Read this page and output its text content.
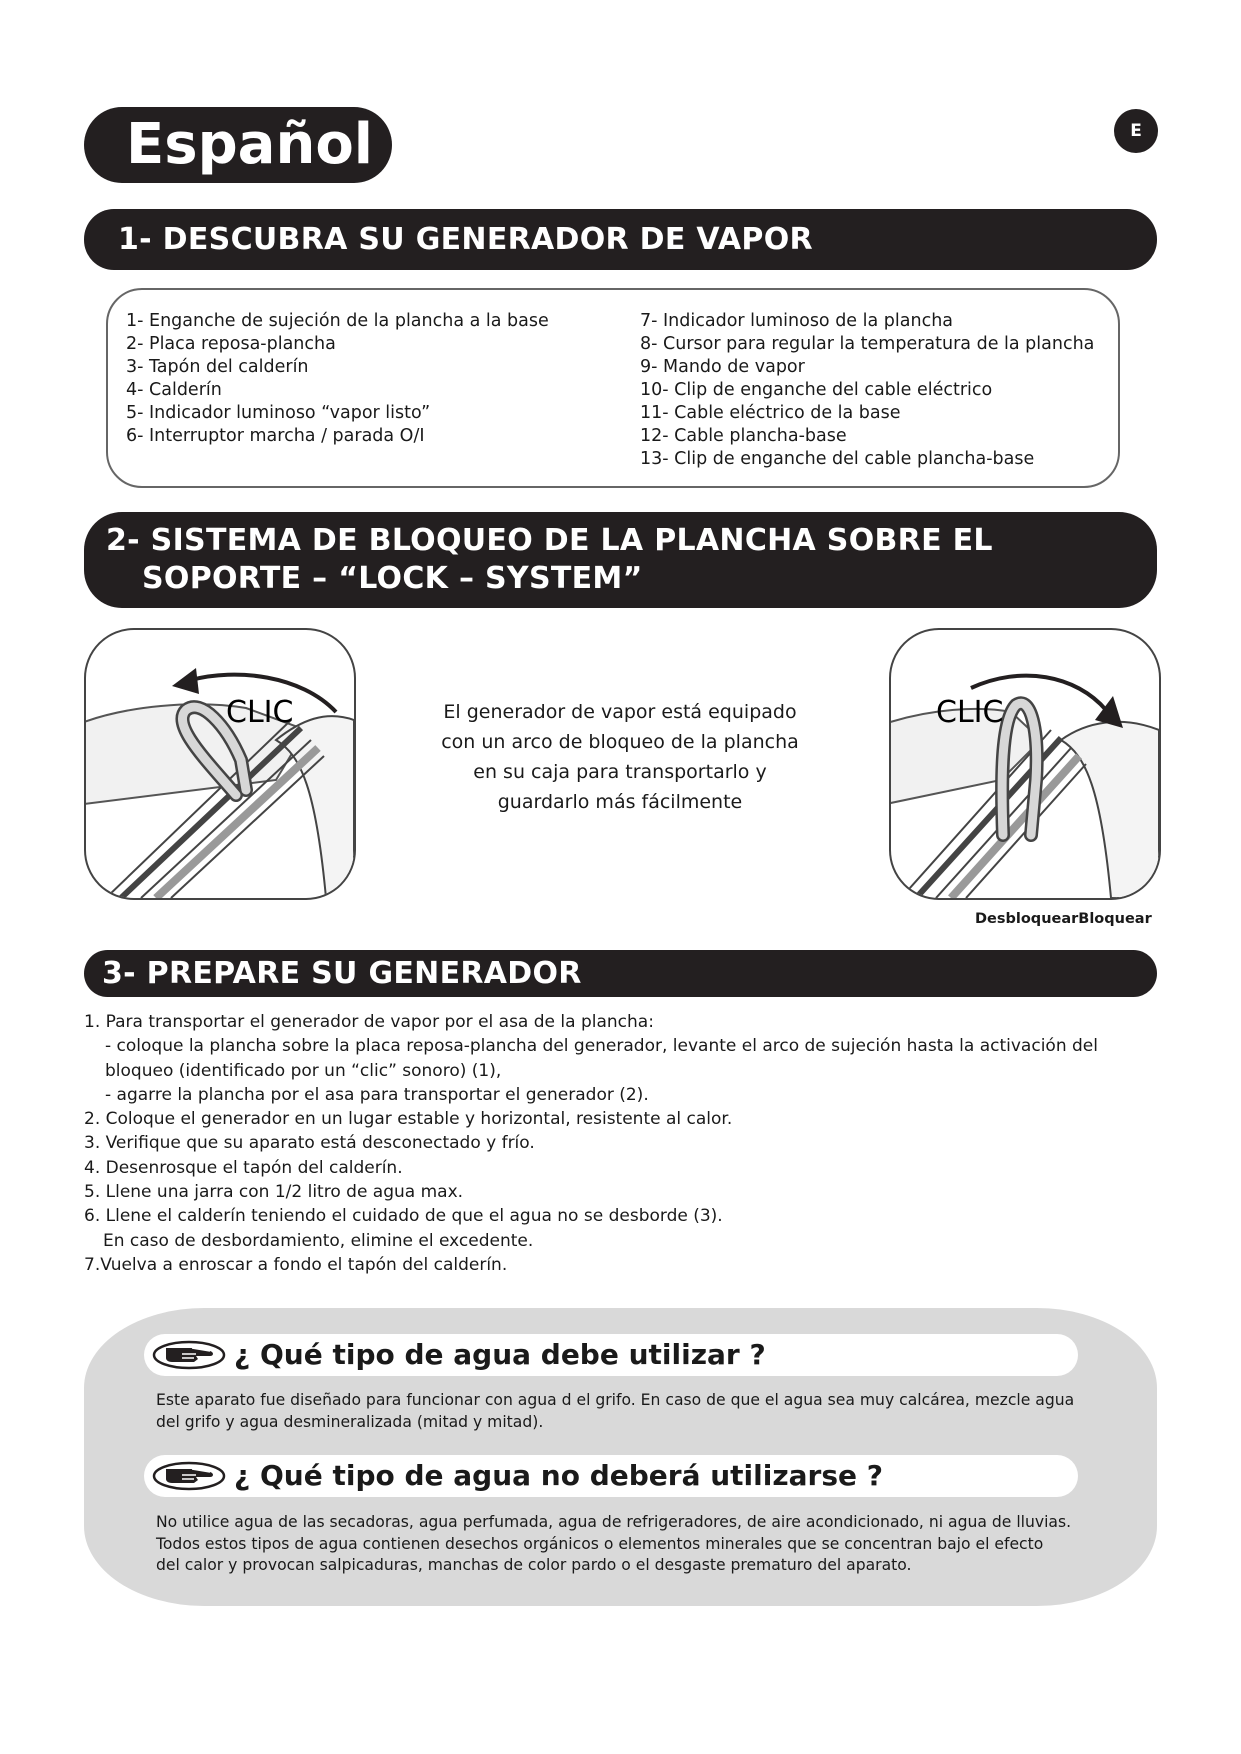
Español	E
1- DESCUBRA SU GENERADOR DE VAPOR
1- Enganche de sujeción de la plancha a la base
2- Placa reposa-plancha
3- Tapón del calderín
4- Calderín
5- Indicador luminoso “vapor listo”
6- Interruptor marcha / parada O/I
7- Indicador luminoso de la plancha
8- Cursor para regular la temperatura de la plancha
9- Mando de vapor
10- Clip de enganche del cable eléctrico
11- Cable eléctrico de la base
12- Cable plancha-base
13- Clip de enganche del cable plancha-base
2- SISTEMA DE BLOQUEO DE LA PLANCHA SOBRE EL
SOPORTE – “LOCK – SYSTEM”
CLIC	El generador de vapor está equipado
con un arco de bloqueo de la plancha
en su caja para transportarlo y
guardarlo más fácilmente
CLIC
DesbloquearBloquear
3- PREPARE SU GENERADOR
1. Para transportar el generador de vapor por el asa de la plancha:
- coloque la plancha sobre la placa reposa-plancha del generador, levante el arco de sujeción hasta la activación del
bloqueo (identificado por un “clic” sonoro) (1),
- agarre la plancha por el asa para transportar el generador (2).
2. Coloque el generador en un lugar estable y horizontal, resistente al calor.
3. Verifique que su aparato está desconectado y frío.
4. Desenrosque el tapón del calderín.
5. Llene una jarra con 1/2 litro de agua max.
6. Llene el calderín teniendo el cuidado de que el agua no se desborde (3).
En caso de desbordamiento, elimine el excedente.
7.Vuelva a enroscar a fondo el tapón del calderín.
¿ Qué tipo de agua debe utilizar ?
Este aparato fue diseñado para funcionar con agua d el grifo. En caso de que el agua sea muy calcárea, mezcle agua
del grifo y agua desmineralizada (mitad y mitad).
¿ Qué tipo de agua no deberá utilizarse ?
No utilice agua de las secadoras, agua perfumada, agua de refrigeradores, de aire acondicionado, ni agua de lluvias.
Todos estos tipos de agua contienen desechos orgánicos o elementos minerales que se concentran bajo el efecto
del calor y provocan salpicaduras, manchas de color pardo o el desgaste prematuro del aparato.
